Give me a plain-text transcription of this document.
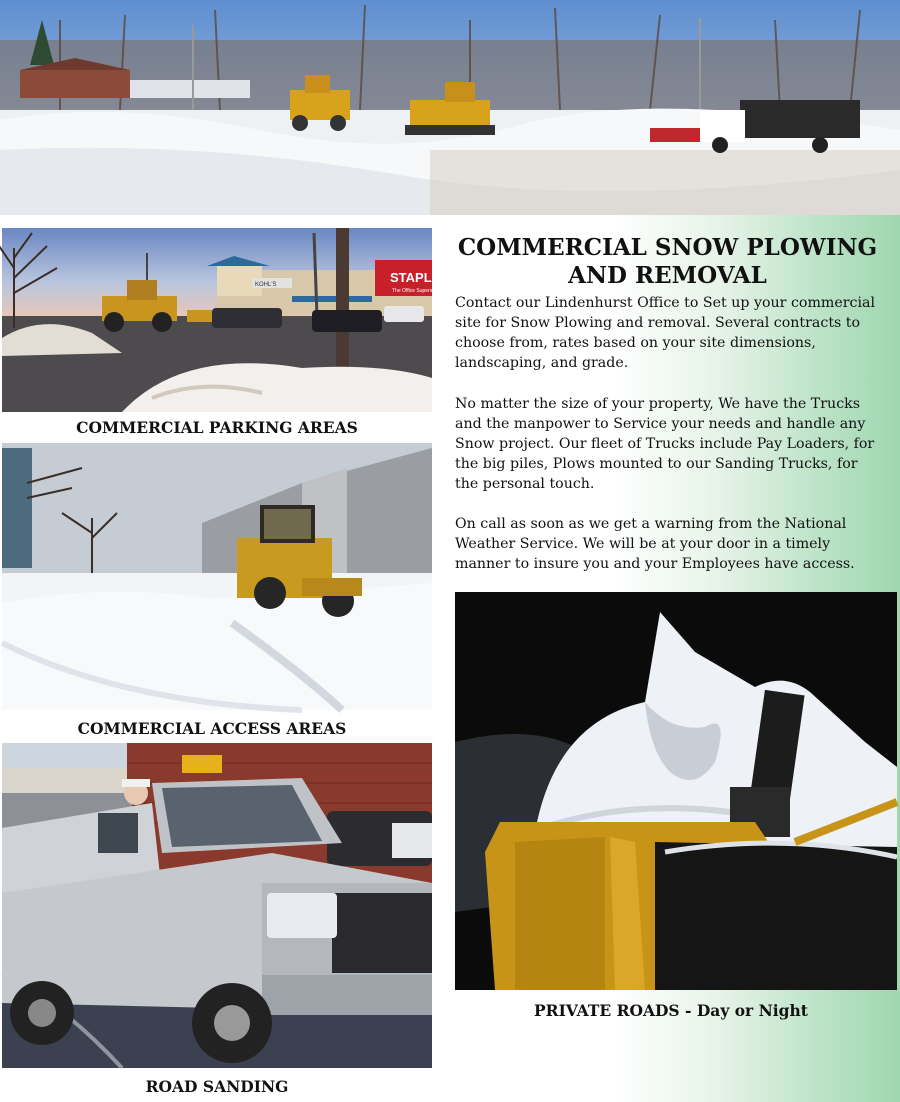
STAPLE
The Office Superst
KOHL'S
COMMERCIAL PARKING AREAS
COMMERCIAL ACCESS AREAS
ROAD SANDING
COMMERCIAL SNOW PLOWING
AND REMOVAL
Contact our Lindenhurst Office to Set up your commercial site for Snow Plowing and removal. Several contracts to choose from, rates based on your site dimensions, landscaping, and grade.
No matter the size of your property, We have the Trucks and the manpower to Service your needs and handle any Snow project. Our fleet of Trucks include Pay Loaders, for the big piles, Plows mounted to our Sanding Trucks, for the personal touch.
On call as soon as we get a warning from the National Weather Service. We will be at your door in a timely manner to insure you and your Employees have access.
PRIVATE ROADS - Day or Night
